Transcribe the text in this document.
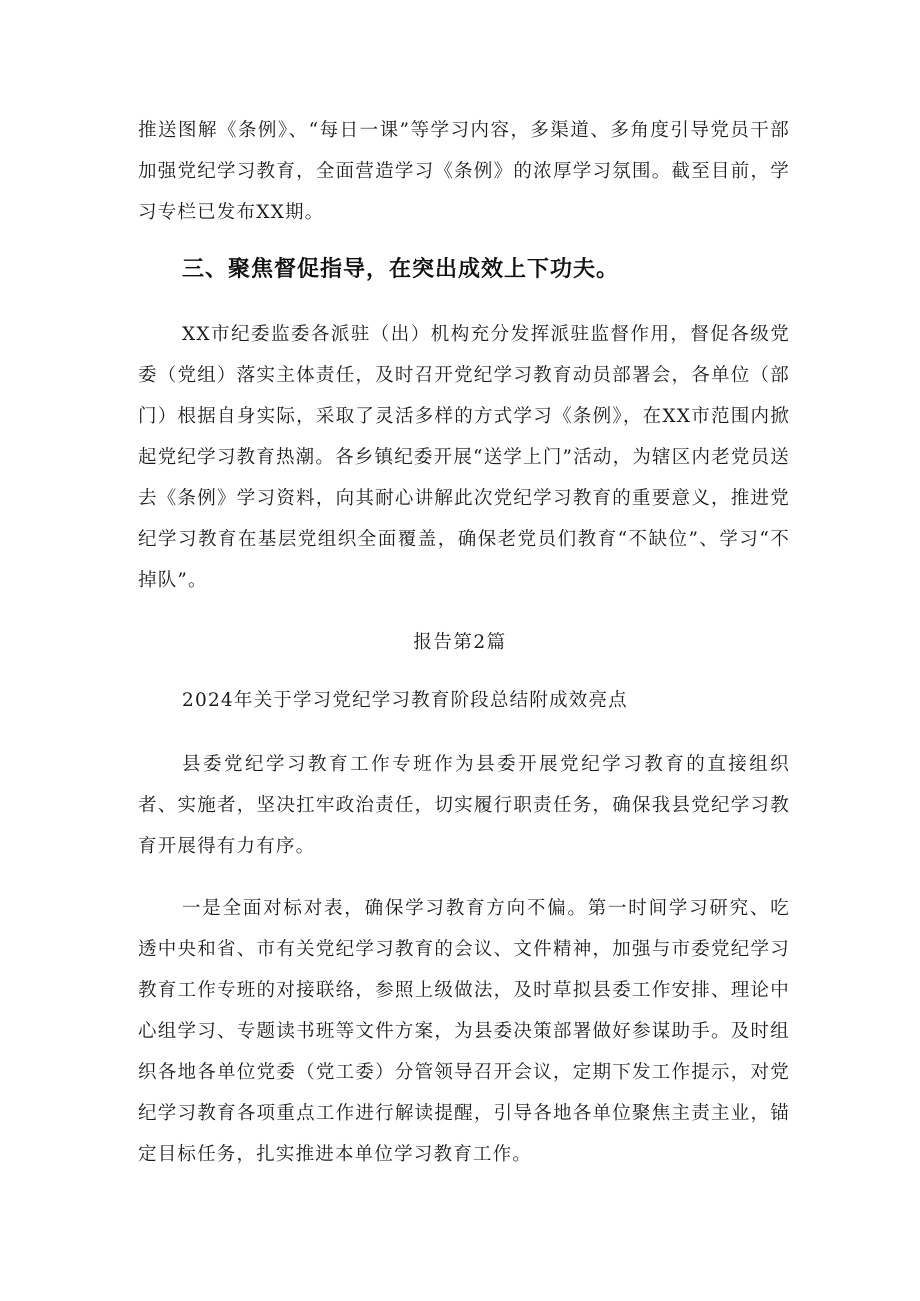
推送图解《条例》、“每日一课”等学习内容，多渠道、多角度引导党员干部加强党纪学习教育，全面营造学习《条例》的浓厚学习氛围。截至目前，学习专栏已发布XX期。

三、聚焦督促指导，在突出成效上下功夫。

XX市纪委监委各派驻（出）机构充分发挥派驻监督作用，督促各级党委（党组）落实主体责任，及时召开党纪学习教育动员部署会，各单位（部门）根据自身实际，采取了灵活多样的方式学习《条例》，在XX市范围内掀起党纪学习教育热潮。各乡镇纪委开展“送学上门”活动，为辖区内老党员送去《条例》学习资料，向其耐心讲解此次党纪学习教育的重要意义，推进党纪学习教育在基层党组织全面覆盖，确保老党员们教育“不缺位”、学习“不掉队”。

报告第2篇

2024年关于学习党纪学习教育阶段总结附成效亮点

县委党纪学习教育工作专班作为县委开展党纪学习教育的直接组织者、实施者，坚决扛牢政治责任，切实履行职责任务，确保我县党纪学习教育开展得有力有序。

一是全面对标对表，确保学习教育方向不偏。第一时间学习研究、吃透中央和省、市有关党纪学习教育的会议、文件精神，加强与市委党纪学习教育工作专班的对接联络，参照上级做法，及时草拟县委工作安排、理论中心组学习、专题读书班等文件方案，为县委决策部署做好参谋助手。及时组织各地各单位党委（党工委）分管领导召开会议，定期下发工作提示，对党纪学习教育各项重点工作进行解读提醒，引导各地各单位聚焦主责主业，锚定目标任务，扎实推进本单位学习教育工作。
